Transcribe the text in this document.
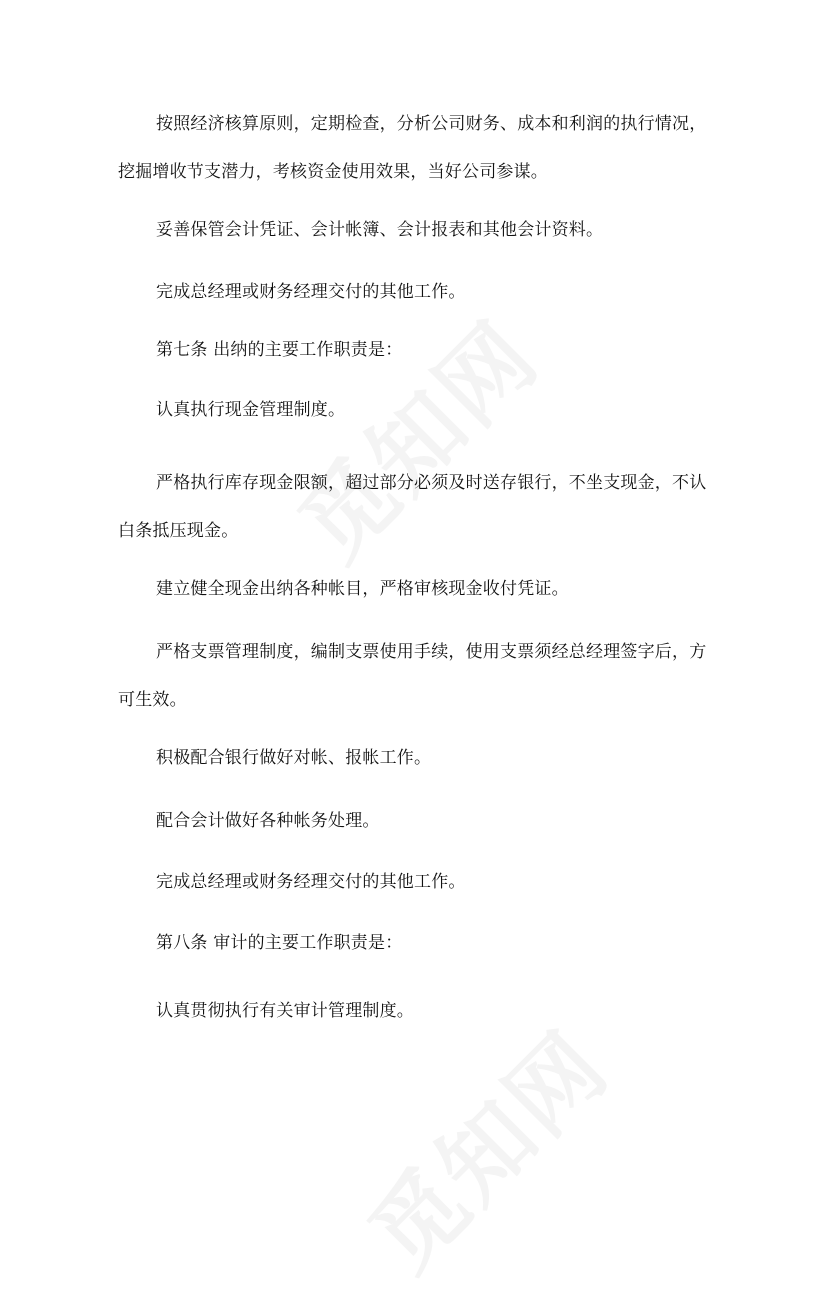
按照经济核算原则，定期检查，分析公司财务、成本和利润的执行情况，挖掘增收节支潜力，考核资金使用效果，当好公司参谋。

妥善保管会计凭证、会计帐簿、会计报表和其他会计资料。

完成总经理或财务经理交付的其他工作。

第七条 出纳的主要工作职责是：

认真执行现金管理制度。

严格执行库存现金限额，超过部分必须及时送存银行，不坐支现金，不认白条抵压现金。

建立健全现金出纳各种帐目，严格审核现金收付凭证。

严格支票管理制度，编制支票使用手续，使用支票须经总经理签字后，方可生效。

积极配合银行做好对帐、报帐工作。

配合会计做好各种帐务处理。

完成总经理或财务经理交付的其他工作。

第八条 审计的主要工作职责是：

认真贯彻执行有关审计管理制度。
